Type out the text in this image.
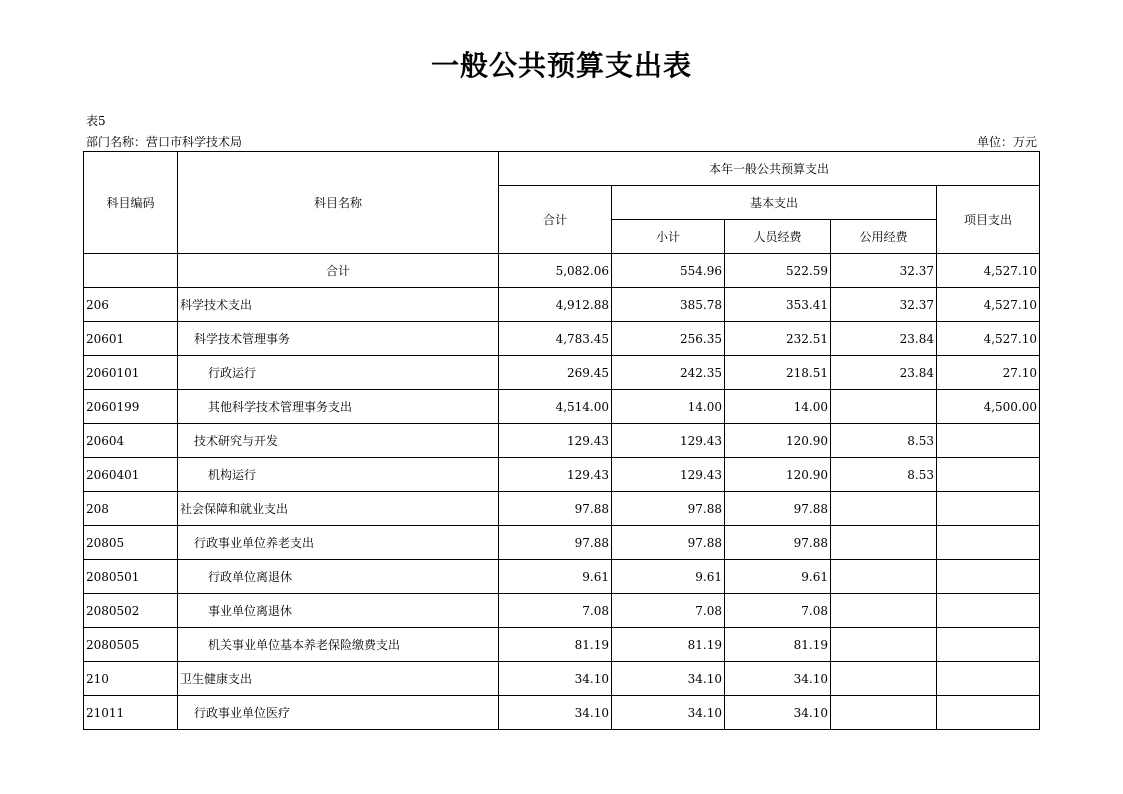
一般公共预算支出表
表5
部门名称：营口市科学技术局	单位：万元
科目编码	科目名称	本年一般公共预算支出				
		合计	基本支出			项目支出
			小计	人员经费	公用经费	
	合计	5,082.06	554.96	522.59	32.37	4,527.10
206	科学技术支出	4,912.88	385.78	353.41	32.37	4,527.10
20601	科学技术管理事务	4,783.45	256.35	232.51	23.84	4,527.10
2060101	行政运行	269.45	242.35	218.51	23.84	27.10
2060199	其他科学技术管理事务支出	4,514.00	14.00	14.00		4,500.00
20604	技术研究与开发	129.43	129.43	120.90	8.53	
2060401	机构运行	129.43	129.43	120.90	8.53	
208	社会保障和就业支出	97.88	97.88	97.88		
20805	行政事业单位养老支出	97.88	97.88	97.88		
2080501	行政单位离退休	9.61	9.61	9.61		
2080502	事业单位离退休	7.08	7.08	7.08		
2080505	机关事业单位基本养老保险缴费支出	81.19	81.19	81.19		
210	卫生健康支出	34.10	34.10	34.10		
21011	行政事业单位医疗	34.10	34.10	34.10		
